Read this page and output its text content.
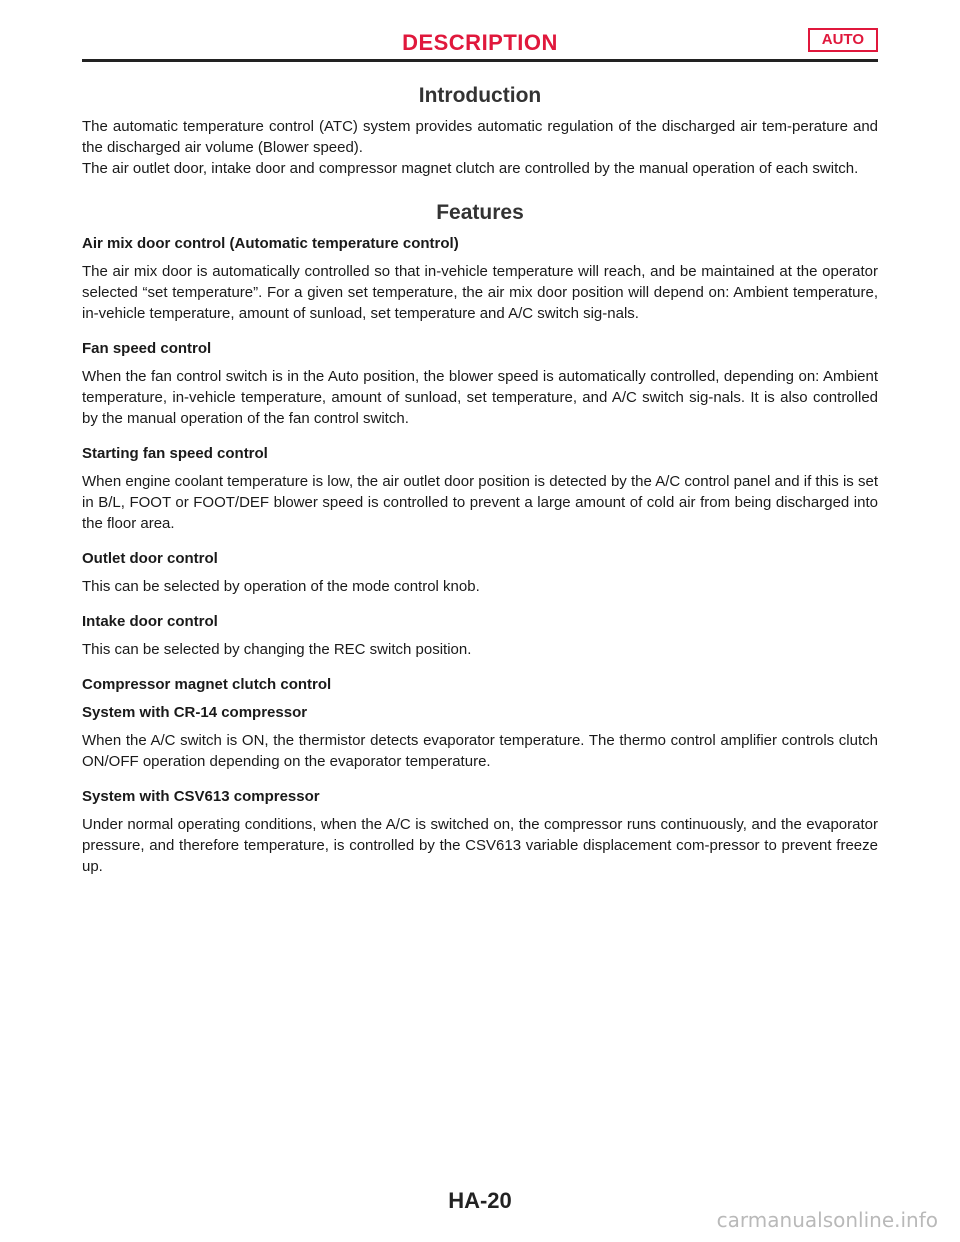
DESCRIPTION	AUTO
Introduction

The automatic temperature control (ATC) system provides automatic regulation of the discharged air tem-perature and the discharged air volume (Blower speed).

The air outlet door, intake door and compressor magnet clutch are controlled by the manual operation of each switch.

Features
Air mix door control (Automatic temperature control)

The air mix door is automatically controlled so that in-vehicle temperature will reach, and be maintained at the operator selected “set temperature”. For a given set temperature, the air mix door position will depend on: Ambient temperature, in-vehicle temperature, amount of sunload, set temperature and A/C switch sig-nals.

Fan speed control

When the fan control switch is in the Auto position, the blower speed is automatically controlled, depending on: Ambient temperature, in-vehicle temperature, amount of sunload, set temperature, and A/C switch sig-nals. It is also controlled by the manual operation of the fan control switch.

Starting fan speed control

When engine coolant temperature is low, the air outlet door position is detected by the A/C control panel and if this is set in B/L, FOOT or FOOT/DEF blower speed is controlled to prevent a large amount of cold air from being discharged into the floor area.

Outlet door control

This can be selected by operation of the mode control knob.

Intake door control

This can be selected by changing the REC switch position.

Compressor magnet clutch control
System with CR-14 compressor

When the A/C switch is ON, the thermistor detects evaporator temperature. The thermo control amplifier controls clutch ON/OFF operation depending on the evaporator temperature.

System with CSV613 compressor

Under normal operating conditions, when the A/C is switched on, the compressor runs continuously, and the evaporator pressure, and therefore temperature, is controlled by the CSV613 variable displacement com-pressor to prevent freeze up.

HA-20
carmanualsonline.info
